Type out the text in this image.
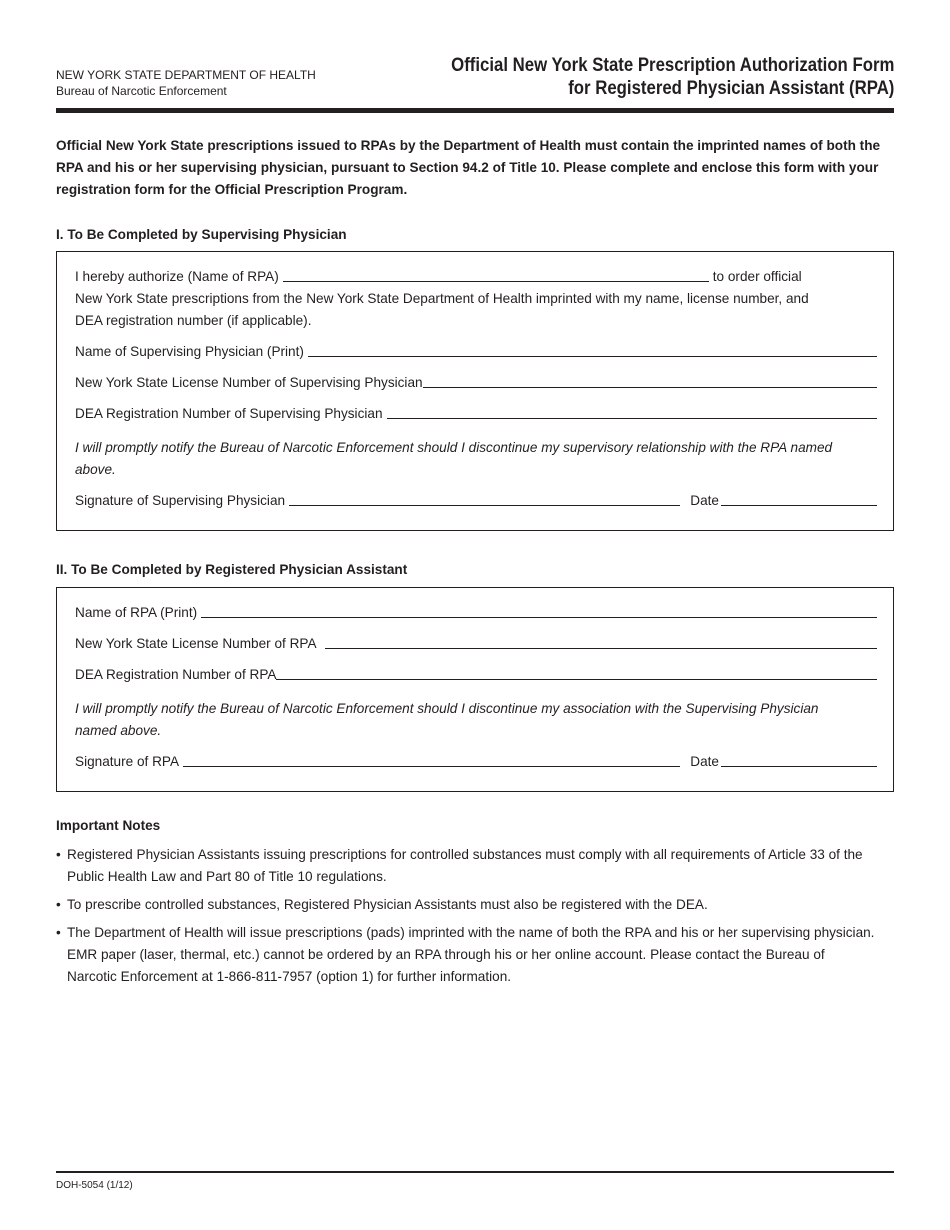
NEW YORK STATE DEPARTMENT OF HEALTH
Bureau of Narcotic Enforcement
Official New York State Prescription Authorization Form
for Registered Physician Assistant (RPA)

Official New York State prescriptions issued to RPAs by the Department of Health must contain the imprinted names of both the RPA and his or her supervising physician, pursuant to Section 94.2 of Title 10. Please complete and enclose this form with your registration form for the Official Prescription Program.

I. To Be Completed by Supervising Physician
I hereby authorize (Name of RPA)	to order official
New York State prescriptions from the New York State Department of Health imprinted with my name, license number, and DEA registration number (if applicable).
Name of Supervising Physician (Print)
New York State License Number of Supervising Physician
DEA Registration Number of Supervising Physician
I will promptly notify the Bureau of Narcotic Enforcement should I discontinue my supervisory relationship with the RPA named above.
Signature of Supervising Physician	Date
II. To Be Completed by Registered Physician Assistant
Name of RPA (Print)
New York State License Number of RPA
DEA Registration Number of RPA
I will promptly notify the Bureau of Narcotic Enforcement should I discontinue my association with the Supervising Physician named above.
Signature of RPA	Date
Important Notes
• Registered Physician Assistants issuing prescriptions for controlled substances must comply with all requirements of Article 33 of the Public Health Law and Part 80 of Title 10 regulations.
• To prescribe controlled substances, Registered Physician Assistants must also be registered with the DEA.
• The Department of Health will issue prescriptions (pads) imprinted with the name of both the RPA and his or her supervising physician. EMR paper (laser, thermal, etc.) cannot be ordered by an RPA through his or her online account. Please contact the Bureau of Narcotic Enforcement at 1-866-811-7957 (option 1) for further information.
DOH-5054 (1/12)
